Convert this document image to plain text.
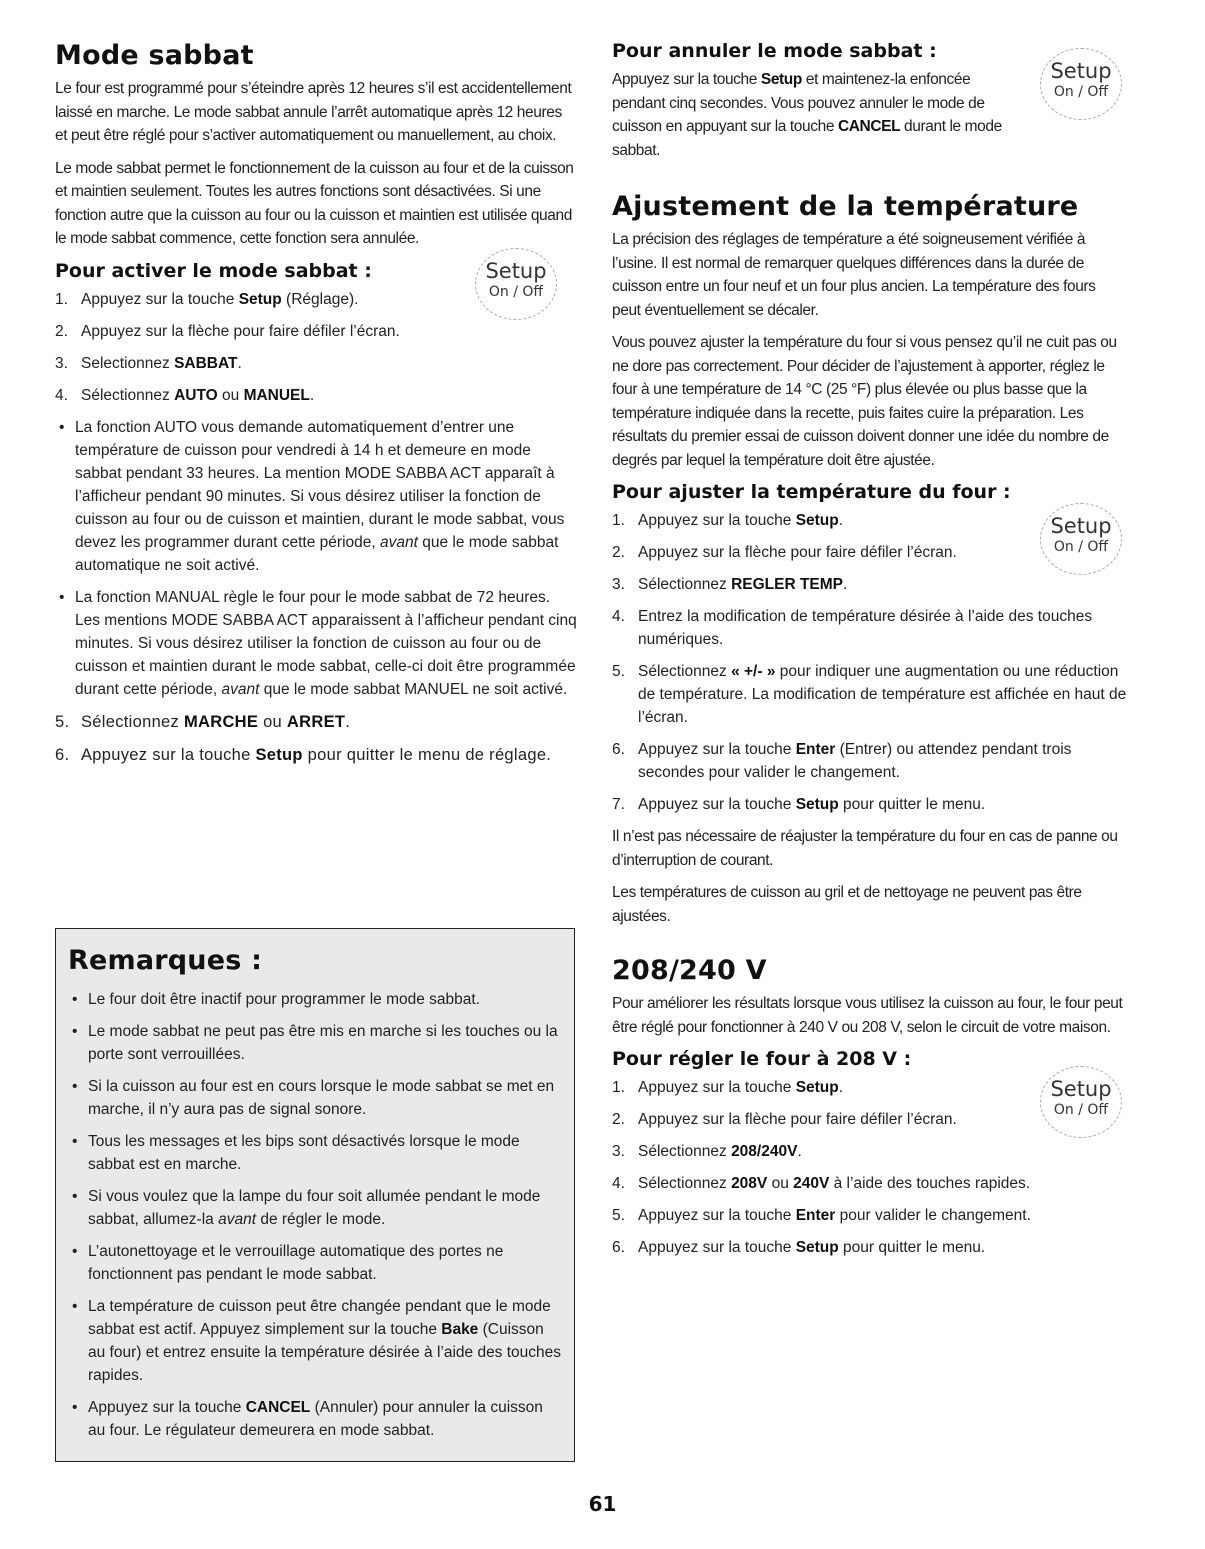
Mode sabbat

Le four est programmé pour s’éteindre après 12 heures s’il est accidentellement laissé en marche. Le mode sabbat annule l’arrêt automatique après 12 heures et peut être réglé pour s’activer automatiquement ou manuellement, au choix.

Le mode sabbat permet le fonctionnement de la cuisson au four et de la cuisson et maintien seulement. Toutes les autres fonctions sont désactivées. Si une fonction autre que la cuisson au four ou la cuisson et maintien est utilisée quand le mode sabbat commence, cette fonction sera annulée.

Pour activer le mode sabbat :	Setup
On / Off
1. Appuyez sur la touche Setup (Réglage).
2. Appuyez sur la flèche pour faire défiler l’écran.
3. Selectionnez SABBAT.
4. Sélectionnez AUTO ou MANUEL.
• La fonction AUTO vous demande automatiquement d’entrer une température de cuisson pour vendredi à 14 h et demeure en mode sabbat pendant 33 heures. La mention MODE SABBA ACT apparaît à l’afficheur pendant 90 minutes. Si vous désirez utiliser la fonction de cuisson au four ou de cuisson et maintien, durant le mode sabbat, vous devez les programmer durant cette période, avant que le mode sabbat automatique ne soit activé.
• La fonction MANUAL règle le four pour le mode sabbat de 72 heures. Les mentions MODE SABBA ACT apparaissent à l’afficheur pendant cinq minutes. Si vous désirez utiliser la fonction de cuisson au four ou de cuisson et maintien durant le mode sabbat, celle-ci doit être programmée durant cette période, avant que le mode sabbat MANUEL ne soit activé.
5. Sélectionnez MARCHE ou ARRET.
6. Appuyez sur la touche Setup pour quitter le menu de réglage.
Remarques :
• Le four doit être inactif pour programmer le mode sabbat.
• Le mode sabbat ne peut pas être mis en marche si les touches ou la porte sont verrouillées.
• Si la cuisson au four est en cours lorsque le mode sabbat se met en marche, il n’y aura pas de signal sonore.
• Tous les messages et les bips sont désactivés lorsque le mode sabbat est en marche.
• Si vous voulez que la lampe du four soit allumée pendant le mode sabbat, allumez-la avant de régler le mode.
• L’autonettoyage et le verrouillage automatique des portes ne fonctionnent pas pendant le mode sabbat.
• La température de cuisson peut être changée pendant que le mode sabbat est actif. Appuyez simplement sur la touche Bake (Cuisson au four) et entrez ensuite la température désirée à l’aide des touches rapides.
• Appuyez sur la touche CANCEL (Annuler) pour annuler la cuisson au four. Le régulateur demeurera en mode sabbat.
Pour annuler le mode sabbat :
Setup
On / Off

Appuyez sur la touche Setup et maintenez-la enfoncée pendant cinq secondes. Vous pouvez annuler le mode de cuisson en appuyant sur la touche CANCEL durant le mode sabbat.

Ajustement de la température

La précision des réglages de température a été soigneusement vérifiée à l’usine. Il est normal de remarquer quelques différences dans la durée de cuisson entre un four neuf et un four plus ancien. La température des fours peut éventuellement se décaler.

Vous pouvez ajuster la température du four si vous pensez qu’il ne cuit pas ou ne dore pas correctement. Pour décider de l’ajustement à apporter, réglez le four à une température de 14 °C (25 °F) plus élevée ou plus basse que la température indiquée dans la recette, puis faites cuire la préparation. Les résultats du premier essai de cuisson doivent donner une idée du nombre de degrés par lequel la température doit être ajustée.

Pour ajuster la température du four :
Setup
On / Off
1. Appuyez sur la touche Setup.
2. Appuyez sur la flèche pour faire défiler l’écran.
3. Sélectionnez REGLER TEMP.
4. Entrez la modification de température désirée à l’aide des touches numériques.
5. Sélectionnez « +/- » pour indiquer une augmentation ou une réduction de température. La modification de température est affichée en haut de l’écran.
6. Appuyez sur la touche Enter (Entrer) ou attendez pendant trois secondes pour valider le changement.
7. Appuyez sur la touche Setup pour quitter le menu.

Il n’est pas nécessaire de réajuster la température du four en cas de panne ou d’interruption de courant.

Les températures de cuisson au gril et de nettoyage ne peuvent pas être ajustées.

208/240 V

Pour améliorer les résultats lorsque vous utilisez la cuisson au four, le four peut être réglé pour fonctionner à 240 V ou 208 V, selon le circuit de votre maison.

Pour régler le four à 208 V :
Setup
On / Off
1. Appuyez sur la touche Setup.
2. Appuyez sur la flèche pour faire défiler l’écran.
3. Sélectionnez 208/240V.
4. Sélectionnez 208V ou 240V à l’aide des touches rapides.
5. Appuyez sur la touche Enter pour valider le changement.
6. Appuyez sur la touche Setup pour quitter le menu.
61
